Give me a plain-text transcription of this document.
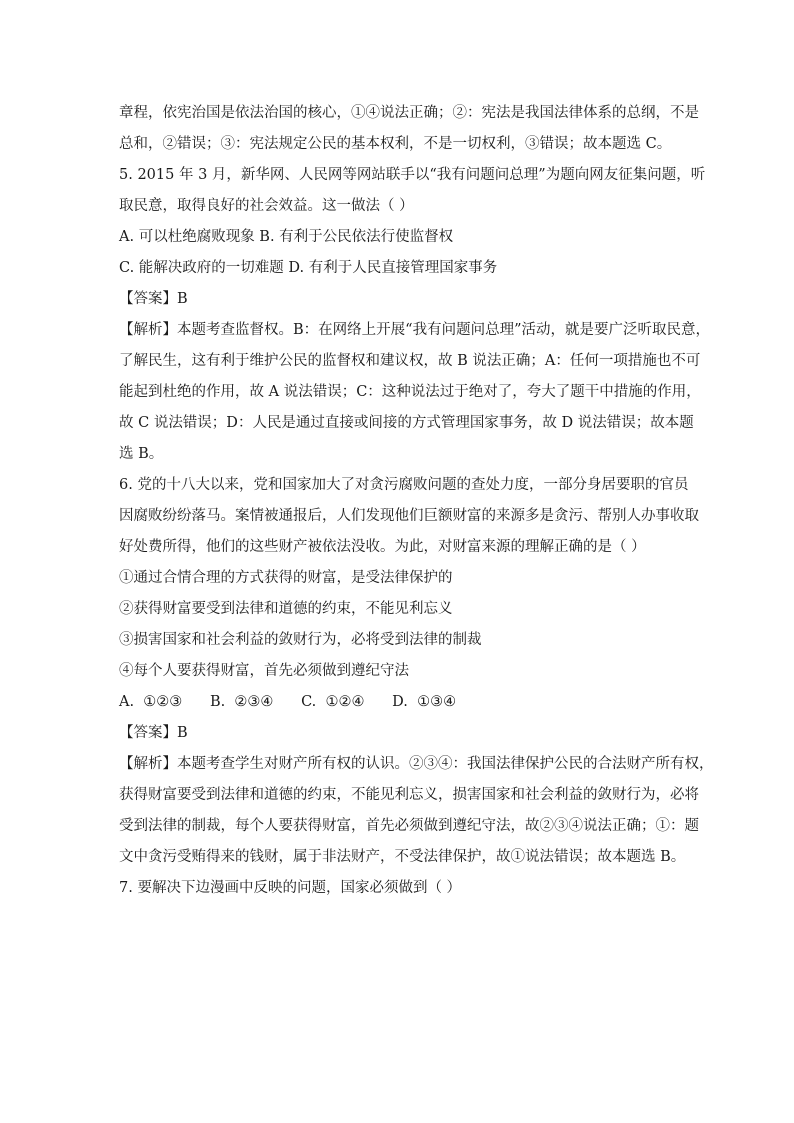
章程，依宪治国是依法治国的核心，①④说法正确；②：宪法是我国法律体系的总纲，不是
总和，②错误；③：宪法规定公民的基本权利，不是一切权利，③错误；故本题选 C。
5. 2015 年 3 月，新华网、人民网等网站联手以“我有问题问总理”为题向网友征集问题，听
取民意，取得良好的社会效益。这一做法（ ）
A. 可以杜绝腐败现象 B. 有利于公民依法行使监督权
C. 能解决政府的一切难题 D. 有利于人民直接管理国家事务
【答案】B
【解析】本题考查监督权。B：在网络上开展“我有问题问总理”活动，就是要广泛听取民意，
了解民生，这有利于维护公民的监督权和建议权，故 B 说法正确；A：任何一项措施也不可
能起到杜绝的作用，故 A 说法错误；C：这种说法过于绝对了，夸大了题干中措施的作用，
故 C 说法错误；D：人民是通过直接或间接的方式管理国家事务，故 D 说法错误；故本题
选 B。
6. 党的十八大以来，党和国家加大了对贪污腐败问题的查处力度，一部分身居要职的官员
因腐败纷纷落马。案情被通报后，人们发现他们巨额财富的来源多是贪污、帮别人办事收取
好处费所得，他们的这些财产被依法没收。为此，对财富来源的理解正确的是（ ）
①通过合情合理的方式获得的财富，是受法律保护的
②获得财富要受到法律和道德的约束，不能见利忘义
③损害国家和社会利益的敛财行为，必将受到法律的制裁
④每个人要获得财富，首先必须做到遵纪守法
A.  ①②③      B.  ②③④      C.  ①②④      D.  ①③④
【答案】B
【解析】本题考查学生对财产所有权的认识。②③④：我国法律保护公民的合法财产所有权，
获得财富要受到法律和道德的约束，不能见利忘义，损害国家和社会利益的敛财行为，必将
受到法律的制裁，每个人要获得财富，首先必须做到遵纪守法，故②③④说法正确；①：题
文中贪污受贿得来的钱财，属于非法财产，不受法律保护，故①说法错误；故本题选 B。
7. 要解决下边漫画中反映的问题，国家必须做到（ ）
